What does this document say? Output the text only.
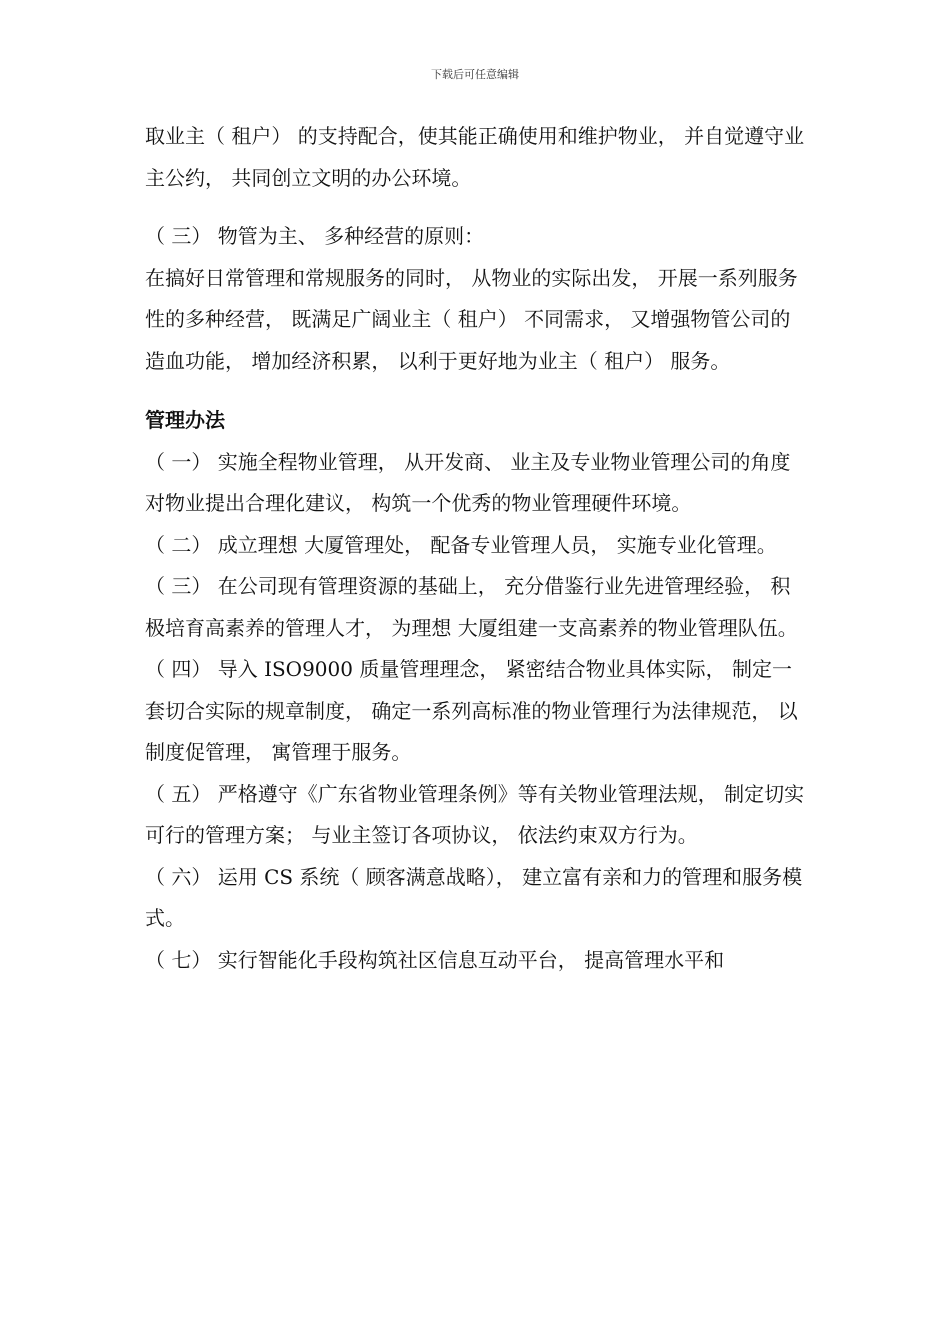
下载后可任意编辑

取业主（ 租户） 的支持配合，使其能正确使用和维护物业， 并自觉遵守业主公约， 共同创立文明的办公环境。

（ 三） 物管为主、 多种经营的原则：

在搞好日常管理和常规服务的同时， 从物业的实际出发， 开展一系列服务性的多种经营， 既满足广阔业主（ 租户） 不同需求， 又增强物管公司的造血功能， 增加经济积累， 以利于更好地为业主（ 租户） 服务。

管理办法

（ 一） 实施全程物业管理， 从开发商、 业主及专业物业管理公司的角度对物业提出合理化建议， 构筑一个优秀的物业管理硬件环境。

（ 二） 成立理想 大厦管理处， 配备专业管理人员， 实施专业化管理。

（ 三） 在公司现有管理资源的基础上， 充分借鉴行业先进管理经验， 积极培育高素养的管理人才， 为理想 大厦组建一支高素养的物业管理队伍。

（ 四） 导入 ISO9000 质量管理理念， 紧密结合物业具体实际， 制定一套切合实际的规章制度， 确定一系列高标准的物业管理行为法律规范， 以制度促管理， 寓管理于服务。

（ 五） 严格遵守《广东省物业管理条例》等有关物业管理法规， 制定切实可行的管理方案； 与业主签订各项协议， 依法约束双方行为。

（ 六） 运用 CS 系统（ 顾客满意战略）， 建立富有亲和力的管理和服务模式。

（ 七） 实行智能化手段构筑社区信息互动平台， 提高管理水平和
